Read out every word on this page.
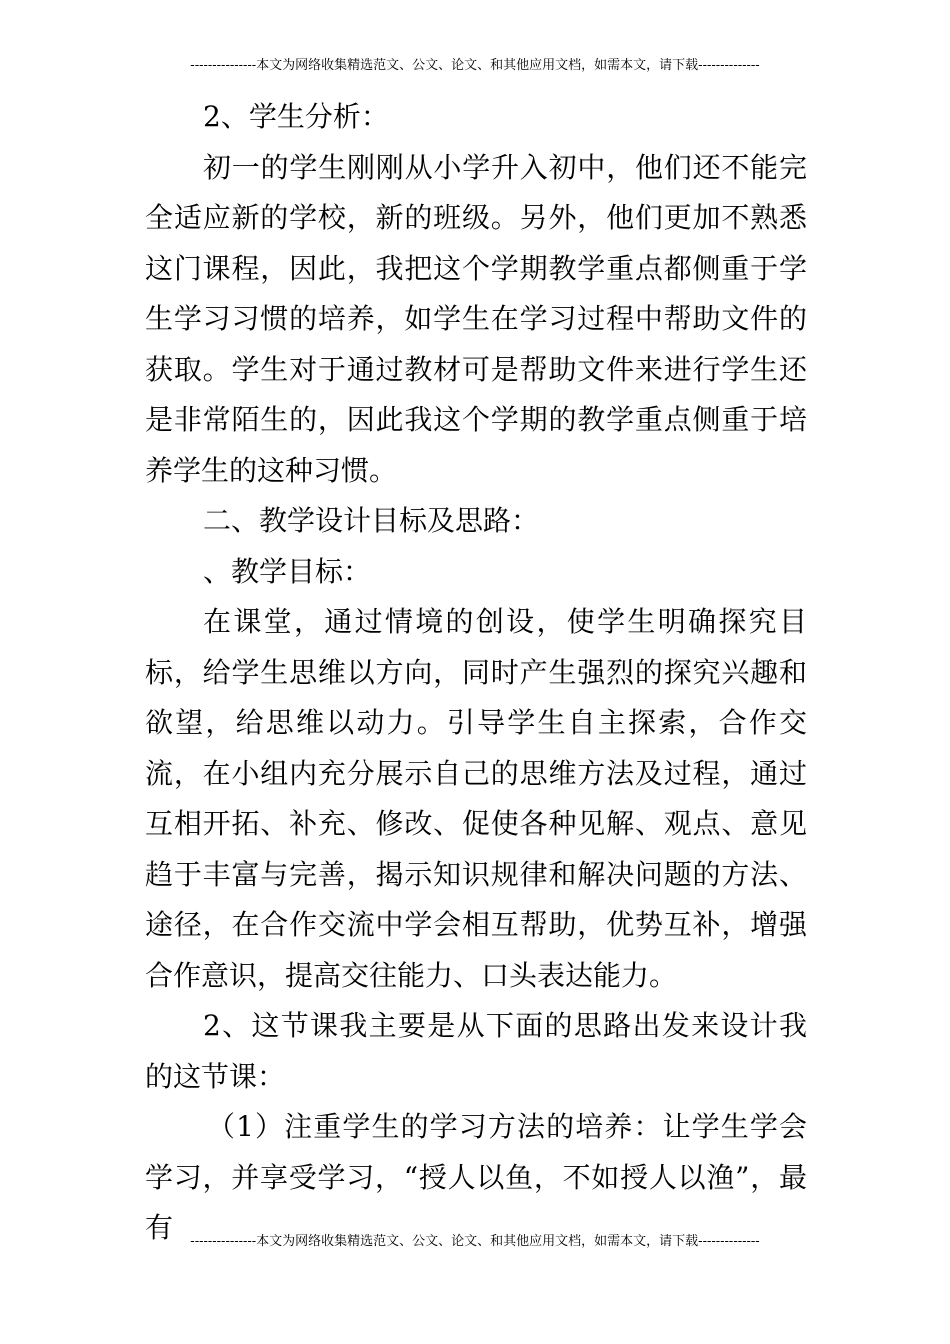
---------------本文为网络收集精选范文、公文、论文、和其他应用文档，如需本文，请下载--------------

2、学生分析：

初一的学生刚刚从小学升入初中，他们还不能完全适应新的学校，新的班级。另外，他们更加不熟悉这门课程，因此，我把这个学期教学重点都侧重于学生学习习惯的培养，如学生在学习过程中帮助文件的获取。学生对于通过教材可是帮助文件来进行学生还是非常陌生的，因此我这个学期的教学重点侧重于培养学生的这种习惯。

二、教学设计目标及思路：

、教学目标：

在课堂，通过情境的创设，使学生明确探究目标，给学生思维以方向，同时产生强烈的探究兴趣和欲望，给思维以动力。引导学生自主探索，合作交流，在小组内充分展示自己的思维方法及过程，通过互相开拓、补充、修改、促使各种见解、观点、意见趋于丰富与完善，揭示知识规律和解决问题的方法、途径，在合作交流中学会相互帮助，优势互补，增强合作意识，提高交往能力、口头表达能力。

2、这节课我主要是从下面的思路出发来设计我的这节课：

（1）注重学生的学习方法的培养：让学生学会学习，并享受学习，“授人以鱼，不如授人以渔”，最有	---------------本文为网络收集精选范文、公文、论文、和其他应用文档，如需本文，请下载--------------
